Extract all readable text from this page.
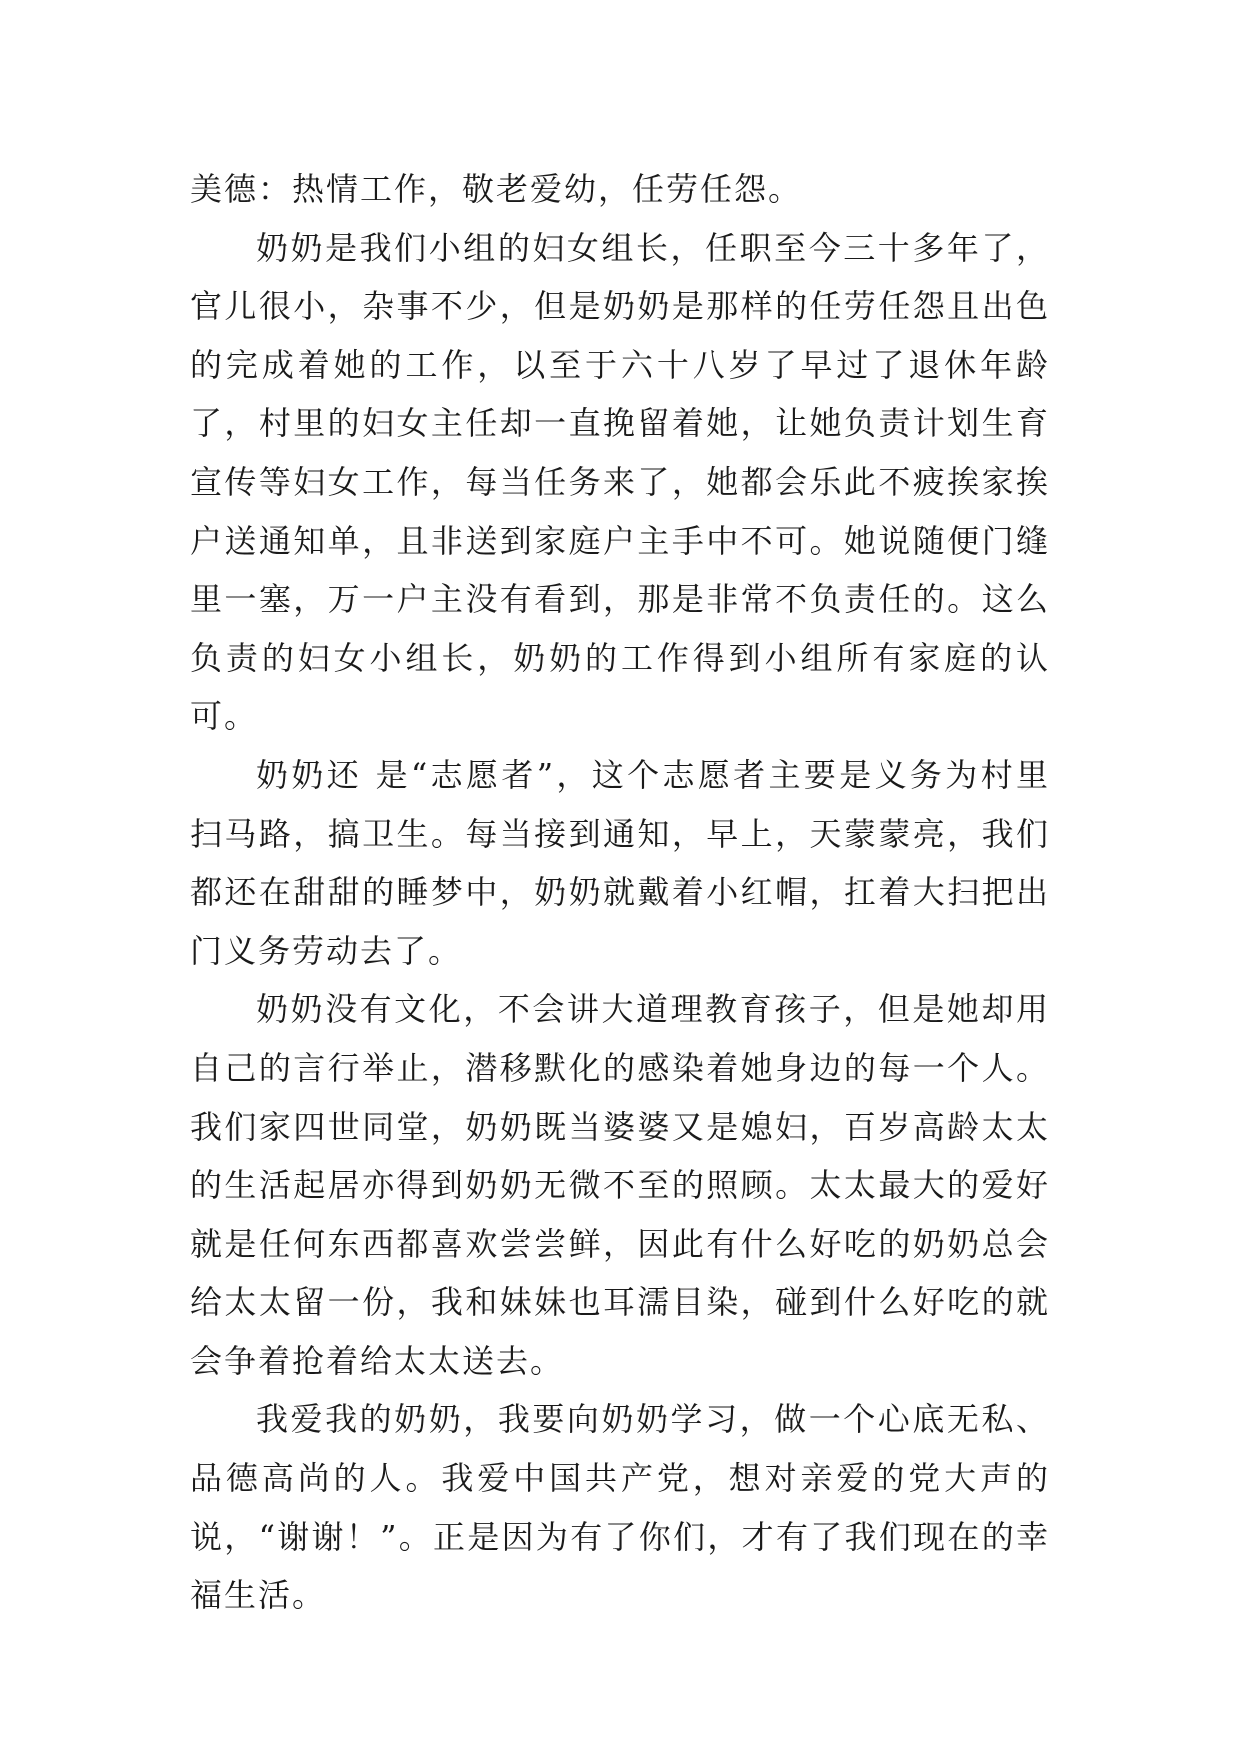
美德：热情工作，敬老爱幼，任劳任怨。

奶奶是我们小组的妇女组长，任职至今三十多年了，官儿很小，杂事不少，但是奶奶是那样的任劳任怨且出色的完成着她的工作，以至于六十八岁了早过了退休年龄了，村里的妇女主任却一直挽留着她，让她负责计划生育宣传等妇女工作，每当任务来了，她都会乐此不疲挨家挨户送通知单，且非送到家庭户主手中不可。她说随便门缝里一塞，万一户主没有看到，那是非常不负责任的。这么负责的妇女小组长，奶奶的工作得到小组所有家庭的认可。

奶奶还 是“志愿者”，这个志愿者主要是义务为村里扫马路，搞卫生。每当接到通知，早上，天蒙蒙亮，我们都还在甜甜的睡梦中，奶奶就戴着小红帽，扛着大扫把出门义务劳动去了。

奶奶没有文化，不会讲大道理教育孩子，但是她却用自己的言行举止，潜移默化的感染着她身边的每一个人。我们家四世同堂，奶奶既当婆婆又是媳妇，百岁高龄太太的生活起居亦得到奶奶无微不至的照顾。太太最大的爱好就是任何东西都喜欢尝尝鲜，因此有什么好吃的奶奶总会给太太留一份，我和妹妹也耳濡目染，碰到什么好吃的就会争着抢着给太太送去。

我爱我的奶奶，我要向奶奶学习，做一个心底无私、品德高尚的人。我爱中国共产党，想对亲爱的党大声的说，“谢谢！”。正是因为有了你们，才有了我们现在的幸福生活。
